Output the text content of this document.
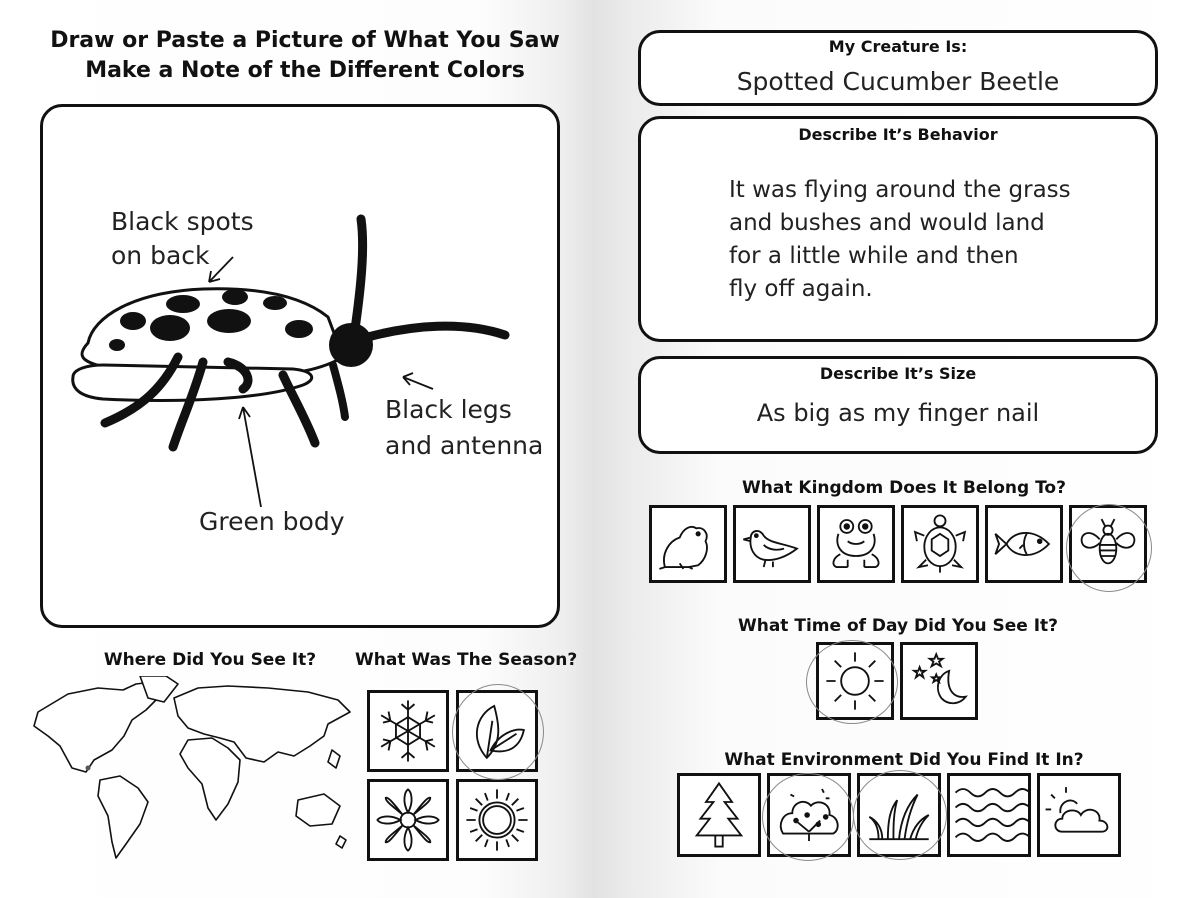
Draw or Paste a Picture of What You Saw
Make a Note of the Different Colors
Black spots
on back
Black legs
and antenna
Green body
Where Did You See It?	What Was The Season?
My Creature Is:
Spotted Cucumber Beetle
Describe It’s Behavior
It was flying around the grass
and bushes and would land
for a little while and then
fly off again.
Describe It’s Size
As big as my finger nail
What Kingdom Does It Belong To?
What Time of Day Did You See It?
What Environment Did You Find It In?
